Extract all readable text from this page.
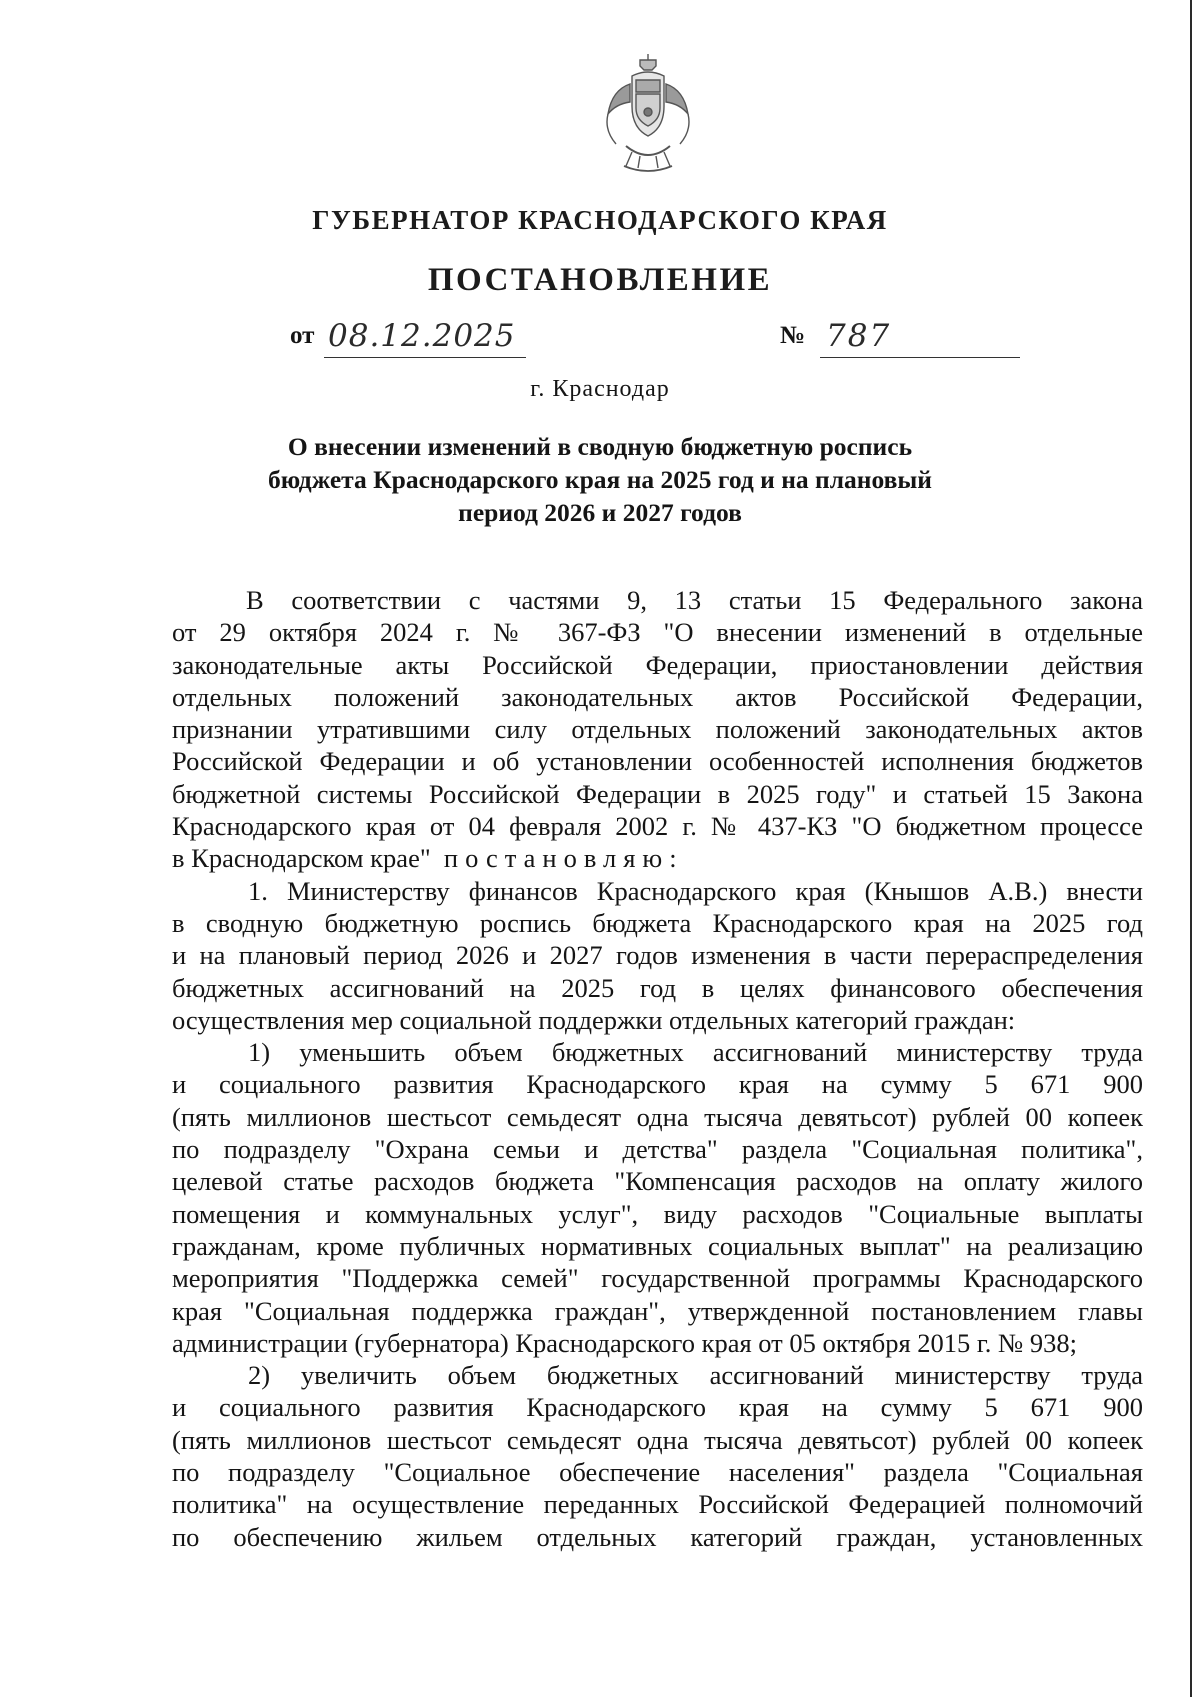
ГУБЕРНАТОР КРАСНОДАРСКОГО КРАЯ
ПОСТАНОВЛЕНИЕ
от 08.12.2025	№ 787
г. Краснодар
О внесении изменений в сводную бюджетную роспись
бюджета Краснодарского края на 2025 год и на плановый
период 2026 и 2027 годов
В соответствии с частями 9, 13 статьи 15 Федерального закона
от 29 октября 2024 г. № 367-ФЗ "О внесении изменений в отдельные
законодательные акты Российской Федерации, приостановлении действия
отдельных положений законодательных актов Российской Федерации,
признании утратившими силу отдельных положений законодательных актов
Российской Федерации и об установлении особенностей исполнения бюджетов
бюджетной системы Российской Федерации в 2025 году" и статьей 15 Закона
Краснодарского края от 04 февраля 2002 г. № 437-КЗ "О бюджетном процессе
в Краснодарском крае" постановляю:
1. Министерству финансов Краснодарского края (Кнышов А.В.) внести
в сводную бюджетную роспись бюджета Краснодарского края на 2025 год
и на плановый период 2026 и 2027 годов изменения в части перераспределения
бюджетных ассигнований на 2025 год в целях финансового обеспечения
осуществления мер социальной поддержки отдельных категорий граждан:
1) уменьшить объем бюджетных ассигнований министерству труда
и социального развития Краснодарского края на сумму 5 671 900
(пять миллионов шестьсот семьдесят одна тысяча девятьсот) рублей 00 копеек
по подразделу "Охрана семьи и детства" раздела "Социальная политика",
целевой статье расходов бюджета "Компенсация расходов на оплату жилого
помещения и коммунальных услуг", виду расходов "Социальные выплаты
гражданам, кроме публичных нормативных социальных выплат" на реализацию
мероприятия "Поддержка семей" государственной программы Краснодарского
края "Социальная поддержка граждан", утвержденной постановлением главы
администрации (губернатора) Краснодарского края от 05 октября 2015 г. № 938;
2) увеличить объем бюджетных ассигнований министерству труда
и социального развития Краснодарского края на сумму 5 671 900
(пять миллионов шестьсот семьдесят одна тысяча девятьсот) рублей 00 копеек
по подразделу "Социальное обеспечение населения" раздела "Социальная
политика" на осуществление переданных Российской Федерацией полномочий
по обеспечению жильем отдельных категорий граждан, установленных
